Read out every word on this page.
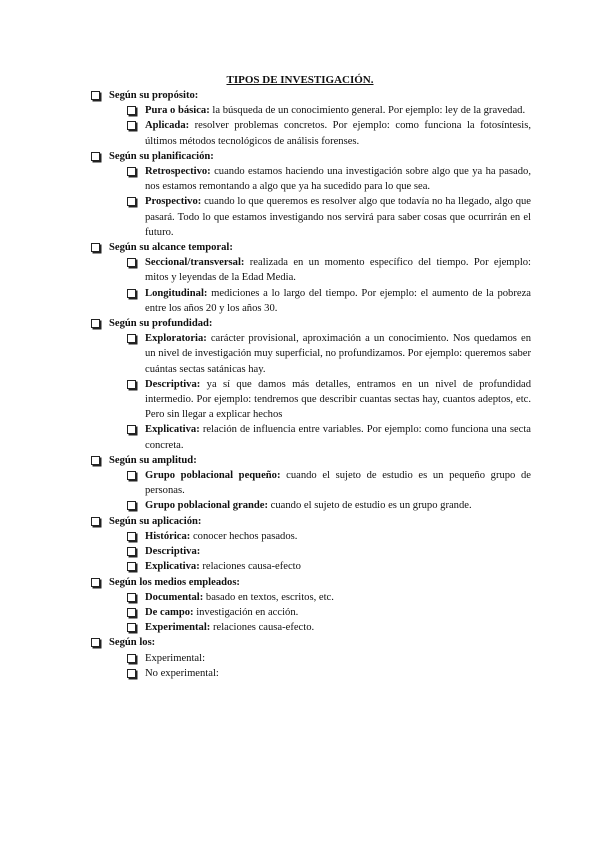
TIPOS DE INVESTIGACIÓN.
Según su propósito:
Pura o básica: la búsqueda de un conocimiento general. Por ejemplo: ley de la gravedad.
Aplicada: resolver problemas concretos. Por ejemplo: como funciona la fotosíntesis, últimos métodos tecnológicos de análisis forenses.
Según su planificación:
Retrospectivo: cuando estamos haciendo una investigación sobre algo que ya ha pasado, nos estamos remontando a algo que ya ha sucedido para lo que sea.
Prospectivo: cuando lo que queremos es resolver algo que todavía no ha llegado, algo que pasará. Todo lo que estamos investigando nos servirá para saber cosas que ocurrirán en el futuro.
Según su alcance temporal:
Seccional/transversal: realizada en un momento específico del tiempo. Por ejemplo: mitos y leyendas de la Edad Media.
Longitudinal: mediciones a lo largo del tiempo. Por ejemplo: el aumento de la pobreza entre los años 20 y los años 30.
Según su profundidad:
Exploratoria: carácter provisional, aproximación a un conocimiento. Nos quedamos en un nivel de investigación muy superficial, no profundizamos. Por ejemplo: queremos saber cuántas sectas satánicas hay.
Descriptiva: ya sí que damos más detalles, entramos en un nivel de profundidad intermedio. Por ejemplo: tendremos que describir cuantas sectas hay, cuantos adeptos, etc. Pero sin llegar a explicar hechos
Explicativa: relación de influencia entre variables. Por ejemplo: como funciona una secta concreta.
Según su amplitud:
Grupo poblacional pequeño: cuando el sujeto de estudio es un pequeño grupo de personas.
Grupo poblacional grande: cuando el sujeto de estudio es un grupo grande.
Según su aplicación:
Histórica: conocer hechos pasados.
Descriptiva:
Explicativa: relaciones causa-efecto
Según los medios empleados:
Documental: basado en textos, escritos, etc.
De campo: investigación en acción.
Experimental: relaciones causa-efecto.
Según los:
Experimental:
No experimental:
